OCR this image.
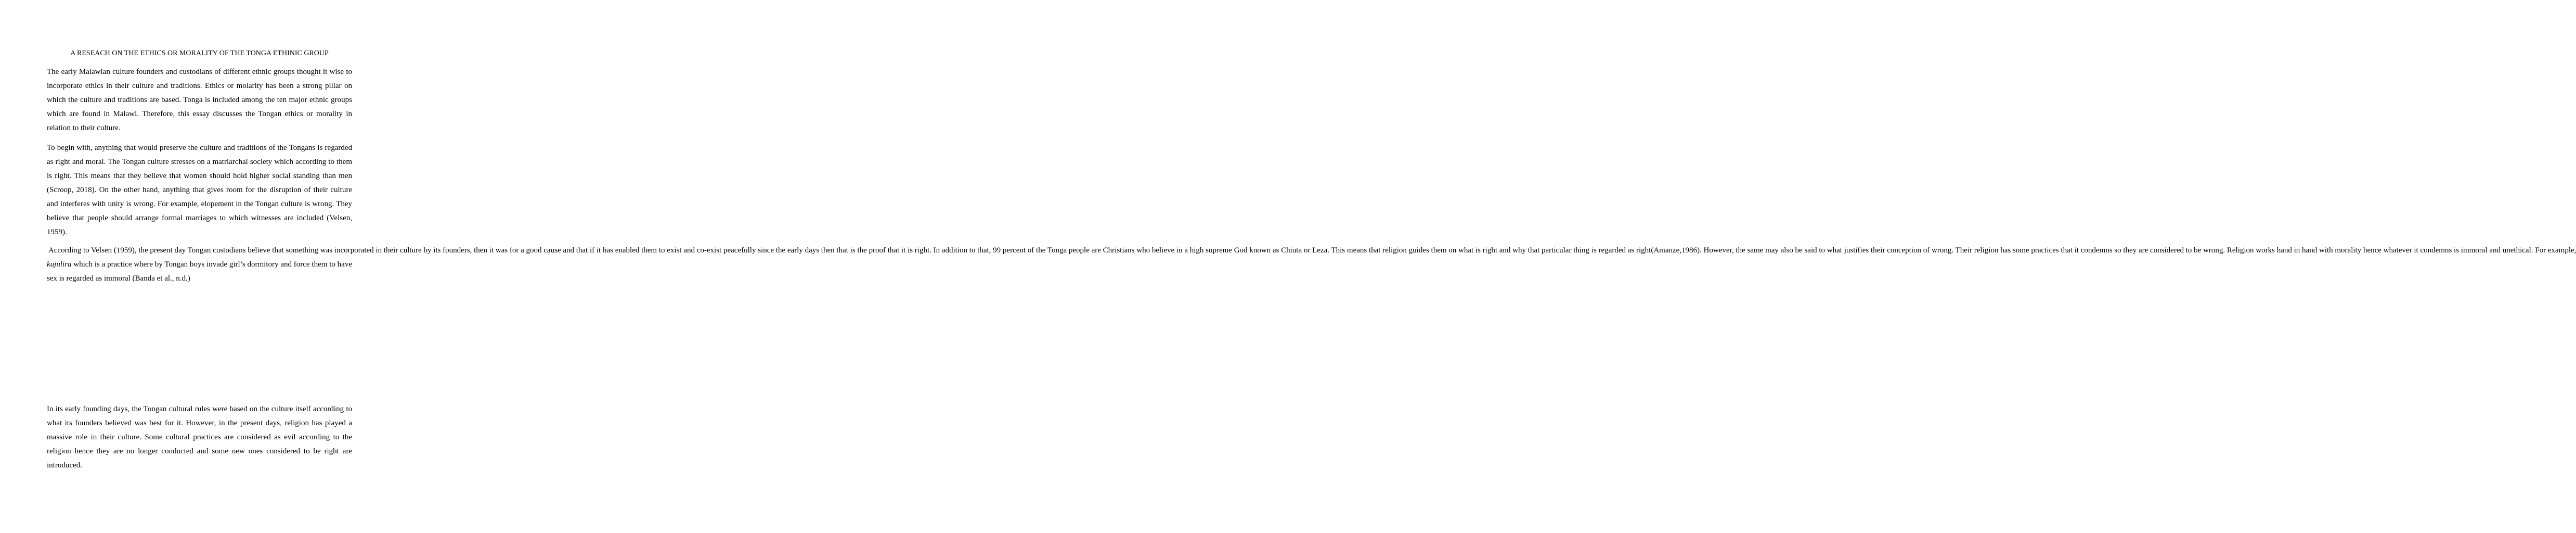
A RESEACH ON THE ETHICS OR MORALITY OF THE TONGA ETHINIC GROUP

The early Malawian culture founders and custodians of different ethnic groups thought it wise to incorporate ethics in their culture and traditions. Ethics or molarity has been a strong pillar on which the culture and traditions are based. Tonga is included among the ten major ethnic groups which are found in Malawi. Therefore, this essay discusses the Tongan ethics or morality in relation to their culture.

To begin with, anything that would preserve the culture and traditions of the Tongans is regarded as right and moral. The Tongan culture stresses on a matriarchal society which according to them is right. This means that they believe that women should hold higher social standing than men (Scroop, 2018). On the other hand, anything that gives room for the disruption of their culture and interferes with unity is wrong. For example, elopement in the Tongan culture is wrong. They believe that people should arrange formal marriages to which witnesses are included (Velsen, 1959).

According to Velsen (1959), the present day Tongan custodians believe that something was incorporated in their culture by its founders, then it was for a good cause and that if it has enabled them to exist and co-exist peacefully since the early days then that is the proof that it is right. In addition to that, 99 percent of the Tonga people are Christians who believe in a high supreme God known as Chiuta or Leza. This means that religion guides them on what is right and why that particular thing is regarded as right(Amanze,1986). However, the same may also be said to what justifies their conception of wrong. Their religion has some practices that it condemns so they are considered to be wrong. Religion works hand in hand with morality hence whatever it condemns is immoral and unethical. For example, kujulira which is a practice where by Tongan boys invade girl’s dormitory and force them to have sex is regarded as immoral (Banda et al., n.d.)

In its early founding days, the Tongan cultural rules were based on the culture itself according to what its founders believed was best for it. However, in the present days, religion has played a massive role in their culture. Some cultural practices are considered as evil according to the religion hence they are no longer conducted and some new ones considered to be right are introduced.
